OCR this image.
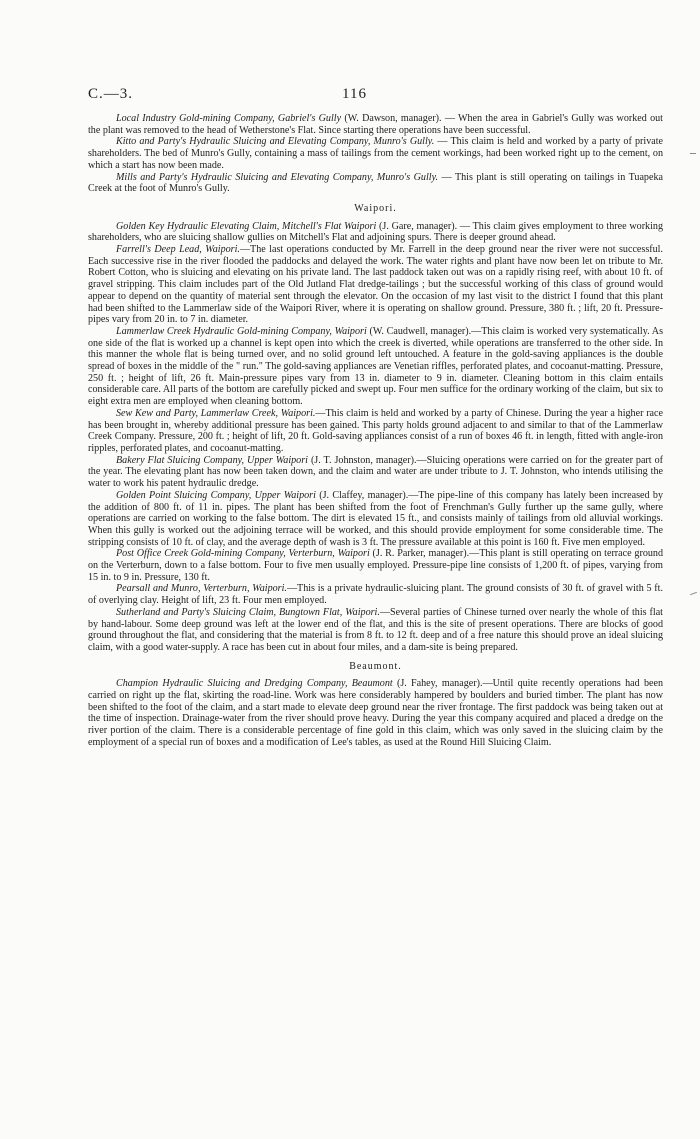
C.—3.	116

Local Industry Gold-mining Company, Gabriel's Gully (W. Dawson, manager). — When the area in Gabriel's Gully was worked out the plant was removed to the head of Wetherstone's Flat. Since starting there operations have been successful.

Kitto and Party's Hydraulic Sluicing and Elevating Company, Munro's Gully. — This claim is held and worked by a party of private shareholders. The bed of Munro's Gully, containing a mass of tailings from the cement workings, had been worked right up to the cement, on which a start has now been made.

Mills and Party's Hydraulic Sluicing and Elevating Company, Munro's Gully. — This plant is still operating on tailings in Tuapeka Creek at the foot of Munro's Gully.

Waipori.

Golden Key Hydraulic Elevating Claim, Mitchell's Flat Waipori (J. Gare, manager). — This claim gives employment to three working shareholders, who are sluicing shallow gullies on Mitchell's Flat and adjoining spurs. There is deeper ground ahead.

Farrell's Deep Lead, Waipori.—The last operations conducted by Mr. Farrell in the deep ground near the river were not successful. Each successive rise in the river flooded the paddocks and delayed the work. The water rights and plant have now been let on tribute to Mr. Robert Cotton, who is sluicing and elevating on his private land. The last paddock taken out was on a rapidly rising reef, with about 10 ft. of gravel stripping. This claim includes part of the Old Jutland Flat dredge-tailings ; but the successful working of this class of ground would appear to depend on the quantity of material sent through the elevator. On the occasion of my last visit to the district I found that this plant had been shifted to the Lammerlaw side of the Waipori River, where it is operating on shallow ground. Pressure, 380 ft. ; lift, 20 ft. Pressure-pipes vary from 20 in. to 7 in. diameter.

Lammerlaw Creek Hydraulic Gold-mining Company, Waipori (W. Caudwell, manager).—This claim is worked very systematically. As one side of the flat is worked up a channel is kept open into which the creek is diverted, while operations are transferred to the other side. In this manner the whole flat is being turned over, and no solid ground left untouched. A feature in the gold-saving appliances is the double spread of boxes in the middle of the " run." The gold-saving appliances are Venetian riffles, perforated plates, and cocoanut-matting. Pressure, 250 ft. ; height of lift, 26 ft. Main-pressure pipes vary from 13 in. diameter to 9 in. diameter. Cleaning bottom in this claim entails considerable care. All parts of the bottom are carefully picked and swept up. Four men suffice for the ordinary working of the claim, but six to eight extra men are employed when cleaning bottom.

Sew Kew and Party, Lammerlaw Creek, Waipori.—This claim is held and worked by a party of Chinese. During the year a higher race has been brought in, whereby additional pressure has been gained. This party holds ground adjacent to and similar to that of the Lammerlaw Creek Company. Pressure, 200 ft. ; height of lift, 20 ft. Gold-saving appliances consist of a run of boxes 46 ft. in length, fitted with angle-iron ripples, perforated plates, and cocoanut-matting.

Bakery Flat Sluicing Company, Upper Waipori (J. T. Johnston, manager).—Sluicing operations were carried on for the greater part of the year. The elevating plant has now been taken down, and the claim and water are under tribute to J. T. Johnston, who intends utilising the water to work his patent hydraulic dredge.

Golden Point Sluicing Company, Upper Waipori (J. Claffey, manager).—The pipe-line of this company has lately been increased by the addition of 800 ft. of 11 in. pipes. The plant has been shifted from the foot of Frenchman's Gully further up the same gully, where operations are carried on working to the false bottom. The dirt is elevated 15 ft., and consists mainly of tailings from old alluvial workings. When this gully is worked out the adjoining terrace will be worked, and this should provide employment for some considerable time. The stripping consists of 10 ft. of clay, and the average depth of wash is 3 ft. The pressure available at this point is 160 ft. Five men employed.

Post Office Creek Gold-mining Company, Verterburn, Waipori (J. R. Parker, manager).—This plant is still operating on terrace ground on the Verterburn, down to a false bottom. Four to five men usually employed. Pressure-pipe line consists of 1,200 ft. of pipes, varying from 15 in. to 9 in. Pressure, 130 ft.

Pearsall and Munro, Verterburn, Waipori.—This is a private hydraulic-sluicing plant. The ground consists of 30 ft. of gravel with 5 ft. of overlying clay. Height of lift, 23 ft. Four men employed.

Sutherland and Party's Sluicing Claim, Bungtown Flat, Waipori.—Several parties of Chinese turned over nearly the whole of this flat by hand-labour. Some deep ground was left at the lower end of the flat, and this is the site of present operations. There are blocks of good ground throughout the flat, and considering that the material is from 8 ft. to 12 ft. deep and of a free nature this should prove an ideal sluicing claim, with a good water-supply. A race has been cut in about four miles, and a dam-site is being prepared.

Beaumont.

Champion Hydraulic Sluicing and Dredging Company, Beaumont (J. Fahey, manager).—Until quite recently operations had been carried on right up the flat, skirting the road-line. Work was here considerably hampered by boulders and buried timber. The plant has now been shifted to the foot of the claim, and a start made to elevate deep ground near the river frontage. The first paddock was being taken out at the time of inspection. Drainage-water from the river should prove heavy. During the year this company acquired and placed a dredge on the river portion of the claim. There is a considerable percentage of fine gold in this claim, which was only saved in the sluicing claim by the employment of a special run of boxes and a modification of Lee's tables, as used at the Round Hill Sluicing Claim.
